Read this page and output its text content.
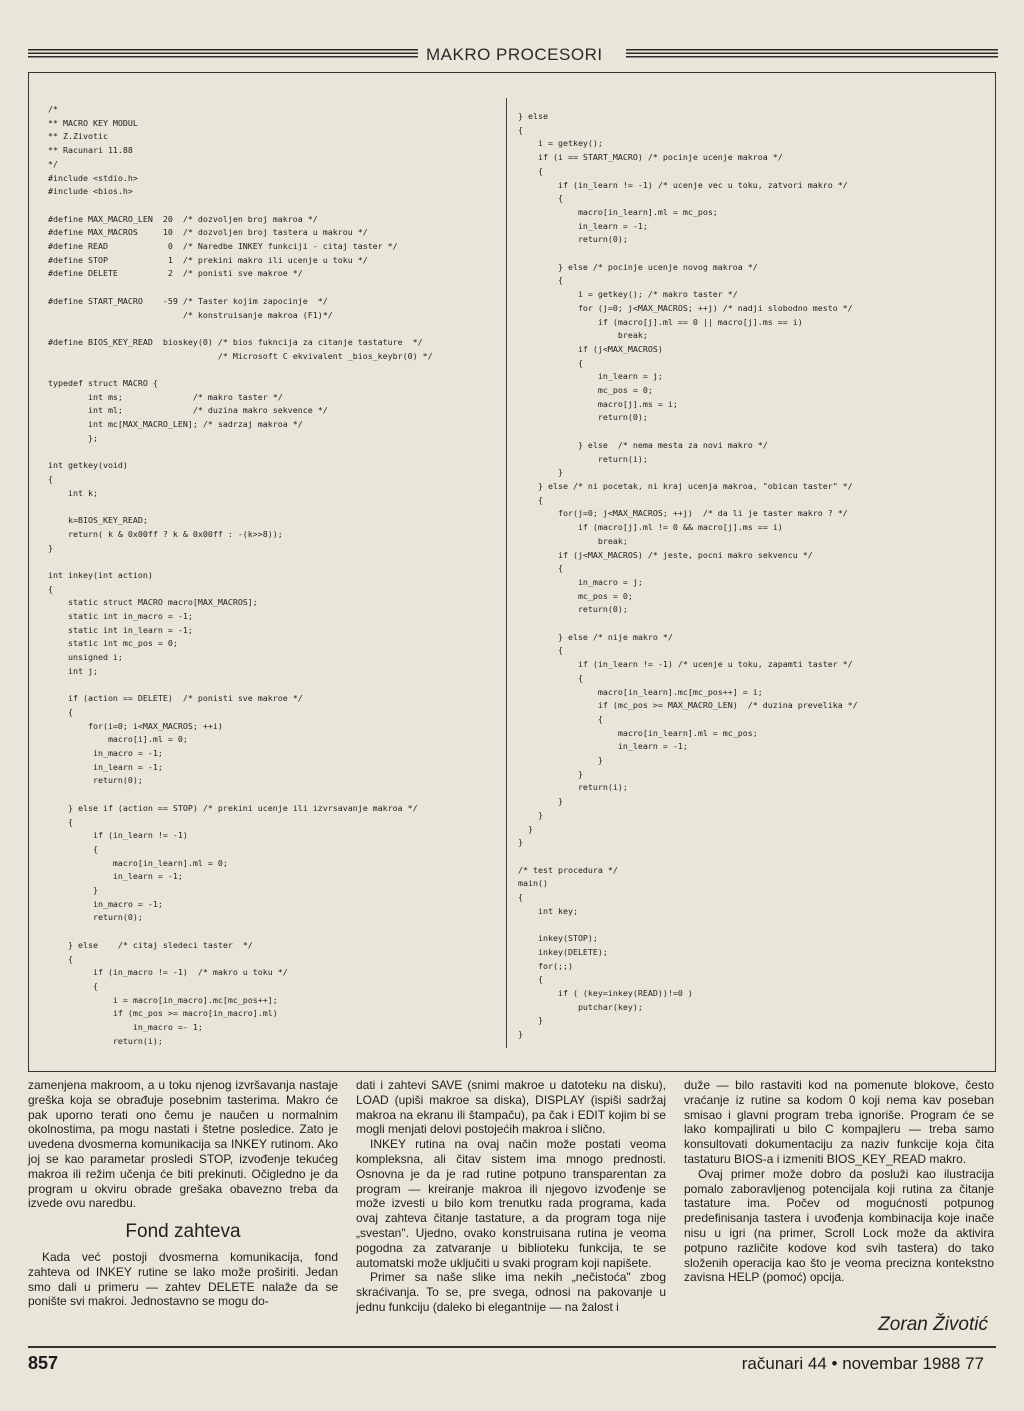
MAKRO PROCESORI
/*
** MACRO KEY MODUL
** Z.Zivotic
** Racunari 11.88
*/
#include <stdio.h>
#include <bios.h>

#define MAX_MACRO_LEN  20  /* dozvoljen broj makroa */
#define MAX_MACROS     10  /* dozvoljen broj tastera u makrou */
#define READ            0  /* Naredbe INKEY funkciji - citaj taster */
#define STOP            1  /* prekini makro ili ucenje u toku */
#define DELETE          2  /* ponisti sve makroe */

#define START_MACRO    -59 /* Taster kojim zapocinje  */
/* konstruisanje makroa (F1)*/

#define BIOS_KEY_READ  bioskey(0) /* bios fukncija za citanje tastature  */
/* Microsoft C ekvivalent _bios_keybr(0) */

typedef struct MACRO {
int ms;              /* makro taster */
int ml;              /* duzina makro sekvence */
int mc[MAX_MACRO_LEN]; /* sadrzaj makroa */
};

int getkey(void)
{
int k;

k=BIOS_KEY_READ;
return( k & 0x00ff ? k & 0x00ff : -(k>>8));
}

int inkey(int action)
{
static struct MACRO macro[MAX_MACROS];
static int in_macro = -1;
static int in_learn = -1;
static int mc_pos = 0;
unsigned i;
int j;

if (action == DELETE)  /* ponisti sve makroe */
{
for(i=0; i<MAX_MACROS; ++i)
macro[i].ml = 0;
in_macro = -1;
in_learn = -1;
return(0);

} else if (action == STOP) /* prekini ucenje ili izvrsavanje makroa */
{
if (in_learn != -1)
{
macro[in_learn].ml = 0;
in_learn = -1;
}
in_macro = -1;
return(0);

} else    /* citaj sledeci taster  */
{
if (in_macro != -1)  /* makro u toku */
{
i = macro[in_macro].mc[mc_pos++];
if (mc_pos >= macro[in_macro].ml)
in_macro =- 1;
return(i);
} else
{
i = getkey();
if (i == START_MACRO) /* pocinje ucenje makroa */
{
if (in_learn != -1) /* ucenje vec u toku, zatvori makro */
{
macro[in_learn].ml = mc_pos;
in_learn = -1;
return(0);

} else /* pocinje ucenje novog makroa */
{
i = getkey(); /* makro taster */
for (j=0; j<MAX_MACROS; ++j) /* nadji slobodno mesto */
if (macro[j].ml == 0 || macro[j].ms == i)
break;
if (j<MAX_MACROS)
{
in_learn = j;
mc_pos = 0;
macro[j].ms = i;
return(0);

} else  /* nema mesta za novi makro */
return(i);
}
} else /* ni pocetak, ni kraj ucenja makroa, "obican taster" */
{
for(j=0; j<MAX_MACROS; ++j)  /* da li je taster makro ? */
if (macro[j].ml != 0 && macro[j].ms == i)
break;
if (j<MAX_MACROS) /* jeste, pocni makro sekvencu */
{
in_macro = j;
mc_pos = 0;
return(0);

} else /* nije makro */
{
if (in_learn != -1) /* ucenje u toku, zapamti taster */
{
macro[in_learn].mc[mc_pos++] = i;
if (mc_pos >= MAX_MACRO_LEN)  /* duzina prevelika */
{
macro[in_learn].ml = mc_pos;
in_learn = -1;
}
}
return(i);
}
}
}
}

/* test procedura */
main()
{
int key;

inkey(STOP);
inkey(DELETE);
for(;;)
{
if ( (key=inkey(READ))!=0 )
putchar(key);
}
}

zamenjena makroom, a u toku njenog izvršavanja nastaje greška koja se obrađuje posebnim tasterima. Makro će pak uporno terati ono čemu je naučen u normalnim okolnostima, pa mogu nastati i štetne posledice. Zato je uvedena dvosmerna komunikacija sa INKEY rutinom. Ako joj se kao parametar prosledi STOP, izvođenje tekućeg makroa ili režim učenja će biti prekinuti. Očigledno je da program u okviru obrade grešaka obavezno treba da izvede ovu naredbu.

Fond zahteva

Kada već postoji dvosmerna komunikacija, fond zahteva od INKEY rutine se lako može proširiti. Jedan smo dali u primeru — zahtev DELETE nalaže da se ponište svi makroi. Jednostavno se mogu do-

dati i zahtevi SAVE (snimi makroe u datoteku na disku), LOAD (upiši makroe sa diska), DISPLAY (ispiši sadržaj makroa na ekranu ili štampaču), pa čak i EDIT kojim bi se mogli menjati delovi postojećih makroa i slično.

INKEY rutina na ovaj način može postati veoma kompleksna, ali čitav sistem ima mnogo prednosti. Osnovna je da je rad rutine potpuno transparentan za program — kreiranje makroa ili njegovo izvođenje se može izvesti u bilo kom trenutku rada programa, kada ovaj zahteva čitanje tastature, a da program toga nije „svestan". Ujedno, ovako konstruisana rutina je veoma pogodna za zatvaranje u biblioteku funkcija, te se automatski može uključiti u svaki program koji napišete.

Primer sa naše slike ima nekih „nečistoća" zbog skraćivanja. To se, pre svega, odnosi na pakovanje u jednu funkciju (daleko bi elegantnije — na žalost i

duže — bilo rastaviti kod na pomenute blokove, često vraćanje iz rutine sa kodom 0 koji nema kav poseban smisao i glavni program treba ignoriše. Program će se lako kompajlirati u bilo C kompajleru — treba samo konsultovati dokumentaciju za naziv funkcije koja čita tastaturu BIOS-a i izmeniti BIOS_KEY_READ makro.

Ovaj primer može dobro da posluži kao ilustracija pomalo zaboravljenog potencijala koji rutina za čitanje tastature ima. Počev od mogućnosti potpunog predefinisanja tastera i uvođenja kombinacija koje inače nisu u igri (na primer, Scroll Lock može da aktivira potpuno različite kodove kod svih tastera) do tako složenih operacija kao što je veoma precizna kontekstno zavisna HELP (pomoć) opcija.

Zoran Životić
857	računari 44 • novembar 1988 77
